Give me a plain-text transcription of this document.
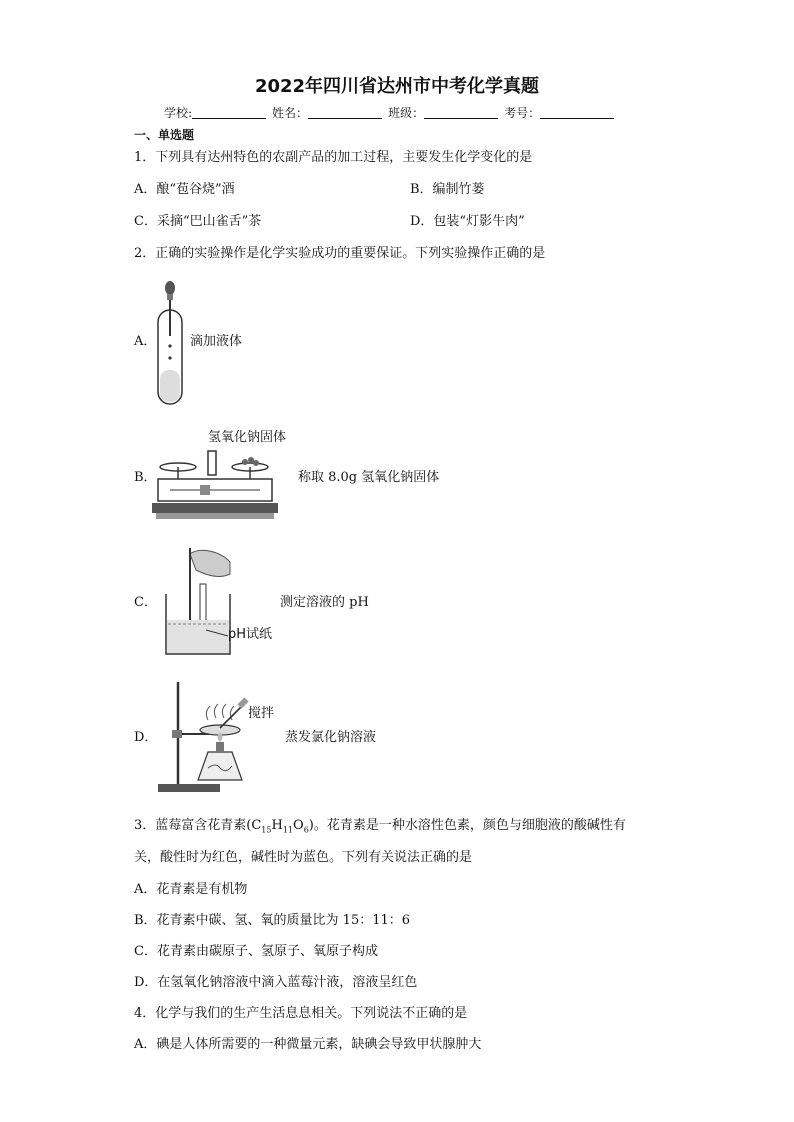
2022年四川省达州市中考化学真题
学校:	姓名：	班级：	考号：
一、单选题
1．下列具有达州特色的农副产品的加工过程，主要发生化学变化的是
A．酿“苞谷烧”酒	B．编制竹蒌
C．采摘“巴山雀舌”茶	D．包装“灯影牛肉”
2．正确的实验操作是化学实验成功的重要保证。下列实验操作正确的是
A．	滴加液体
B．
氢氧化钠固体
称取 8.0g 氢氧化钠固体
C．
pH试纸
测定溶液的 pH
D．
搅拌
蒸发氯化钠溶液
3．蓝莓富含花青素$(C_{15}H_{11}O_6)$。花青素是一种水溶性色素，颜色与细胞液的酸碱性有
关，酸性时为红色，碱性时为蓝色。下列有关说法正确的是
A．花青素是有机物
B．花青素中碳、氢、氧的质量比为 15：11：6
C．花青素由碳原子、氢原子、氧原子构成
D．在氢氧化钠溶液中滴入蓝莓汁液，溶液呈红色
4．化学与我们的生产生活息息相关。下列说法不正确的是
A．碘是人体所需要的一种微量元素，缺碘会导致甲状腺肿大
